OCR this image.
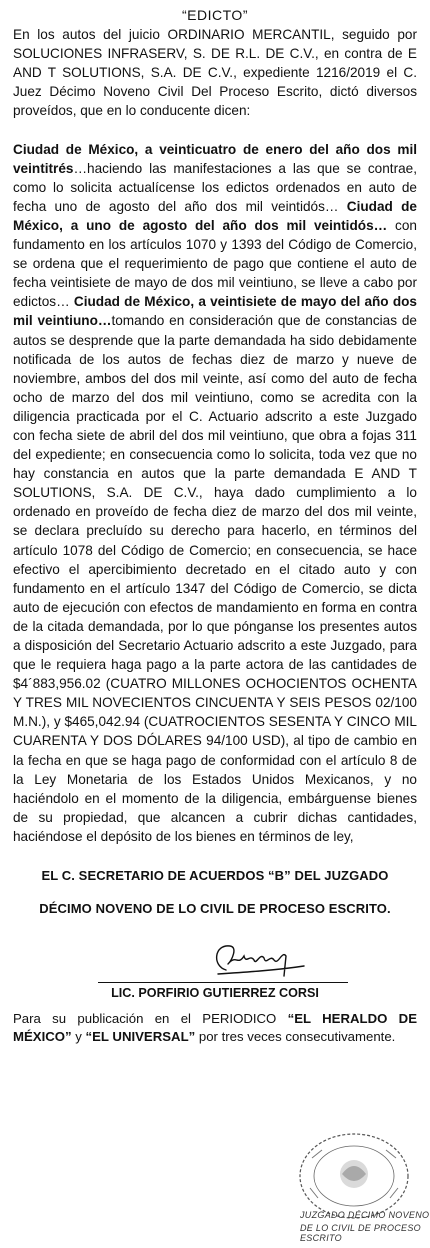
“EDICTO”

En los autos del juicio ORDINARIO MERCANTIL, seguido por SOLUCIONES INFRASERV, S. DE R.L. DE C.V., en contra de E AND T SOLUTIONS, S.A. DE C.V., expediente 1216/2019 el C. Juez Décimo Noveno Civil Del Proceso Escrito, dictó diversos proveídos, que en lo conducente dicen:

Ciudad de México, a veinticuatro de enero del año dos mil veintitrés…haciendo las manifestaciones a las que se contrae, como lo solicita actualícense los edictos ordenados en auto de fecha uno de agosto del año dos mil veintidós… Ciudad de México, a uno de agosto del año dos mil veintidós… con fundamento en los artículos 1070 y 1393 del Código de Comercio, se ordena que el requerimiento de pago que contiene el auto de fecha veintisiete de mayo de dos mil veintiuno, se lleve a cabo por edictos… Ciudad de México, a veintisiete de mayo del año dos mil veintiuno…tomando en consideración que de constancias de autos se desprende que la parte demandada ha sido debidamente notificada de los autos de fechas diez de marzo y nueve de noviembre, ambos del dos mil veinte, así como del auto de fecha ocho de marzo del dos mil veintiuno, como se acredita con la diligencia practicada por el C. Actuario adscrito a este Juzgado con fecha siete de abril del dos mil veintiuno, que obra a fojas 311 del expediente; en consecuencia como lo solicita, toda vez que no hay constancia en autos que la parte demandada E AND T SOLUTIONS, S.A. DE C.V., haya dado cumplimiento a lo ordenado en proveído de fecha diez de marzo del dos mil veinte, se declara precluído su derecho para hacerlo, en términos del artículo 1078 del Código de Comercio; en consecuencia, se hace efectivo el apercibimiento decretado en el citado auto y con fundamento en el artículo 1347 del Código de Comercio, se dicta auto de ejecución con efectos de mandamiento en forma en contra de la citada demandada, por lo que pónganse los presentes autos a disposición del Secretario Actuario adscrito a este Juzgado, para que le requiera haga pago a la parte actora de las cantidades de $4´883,956.02 (CUATRO MILLONES OCHOCIENTOS OCHENTA Y TRES MIL NOVECIENTOS CINCUENTA Y SEIS PESOS 02/100 M.N.), y $465,042.94 (CUATROCIENTOS SESENTA Y CINCO MIL CUARENTA Y DOS DÓLARES 94/100 USD), al tipo de cambio en la fecha en que se haga pago de conformidad con el artículo 8 de la Ley Monetaria de los Estados Unidos Mexicanos, y no haciéndolo en el momento de la diligencia, embárguense bienes de su propiedad, que alcancen a cubrir dichas cantidades, haciéndose el depósito de los bienes en términos de ley,

EL C. SECRETARIO DE ACUERDOS “B” DEL JUZGADO
DÉCIMO NOVENO DE LO CIVIL DE PROCESO ESCRITO.
LIC. PORFIRIO GUTIERREZ CORSI

Para su publicación en el PERIODICO “EL HERALDO DE MÉXICO” y “EL UNIVERSAL” por tres veces consecutivamente.

JUZGADO DÉCIMO NOVENO
DE LO CIVIL DE PROCESO ESCRITO
